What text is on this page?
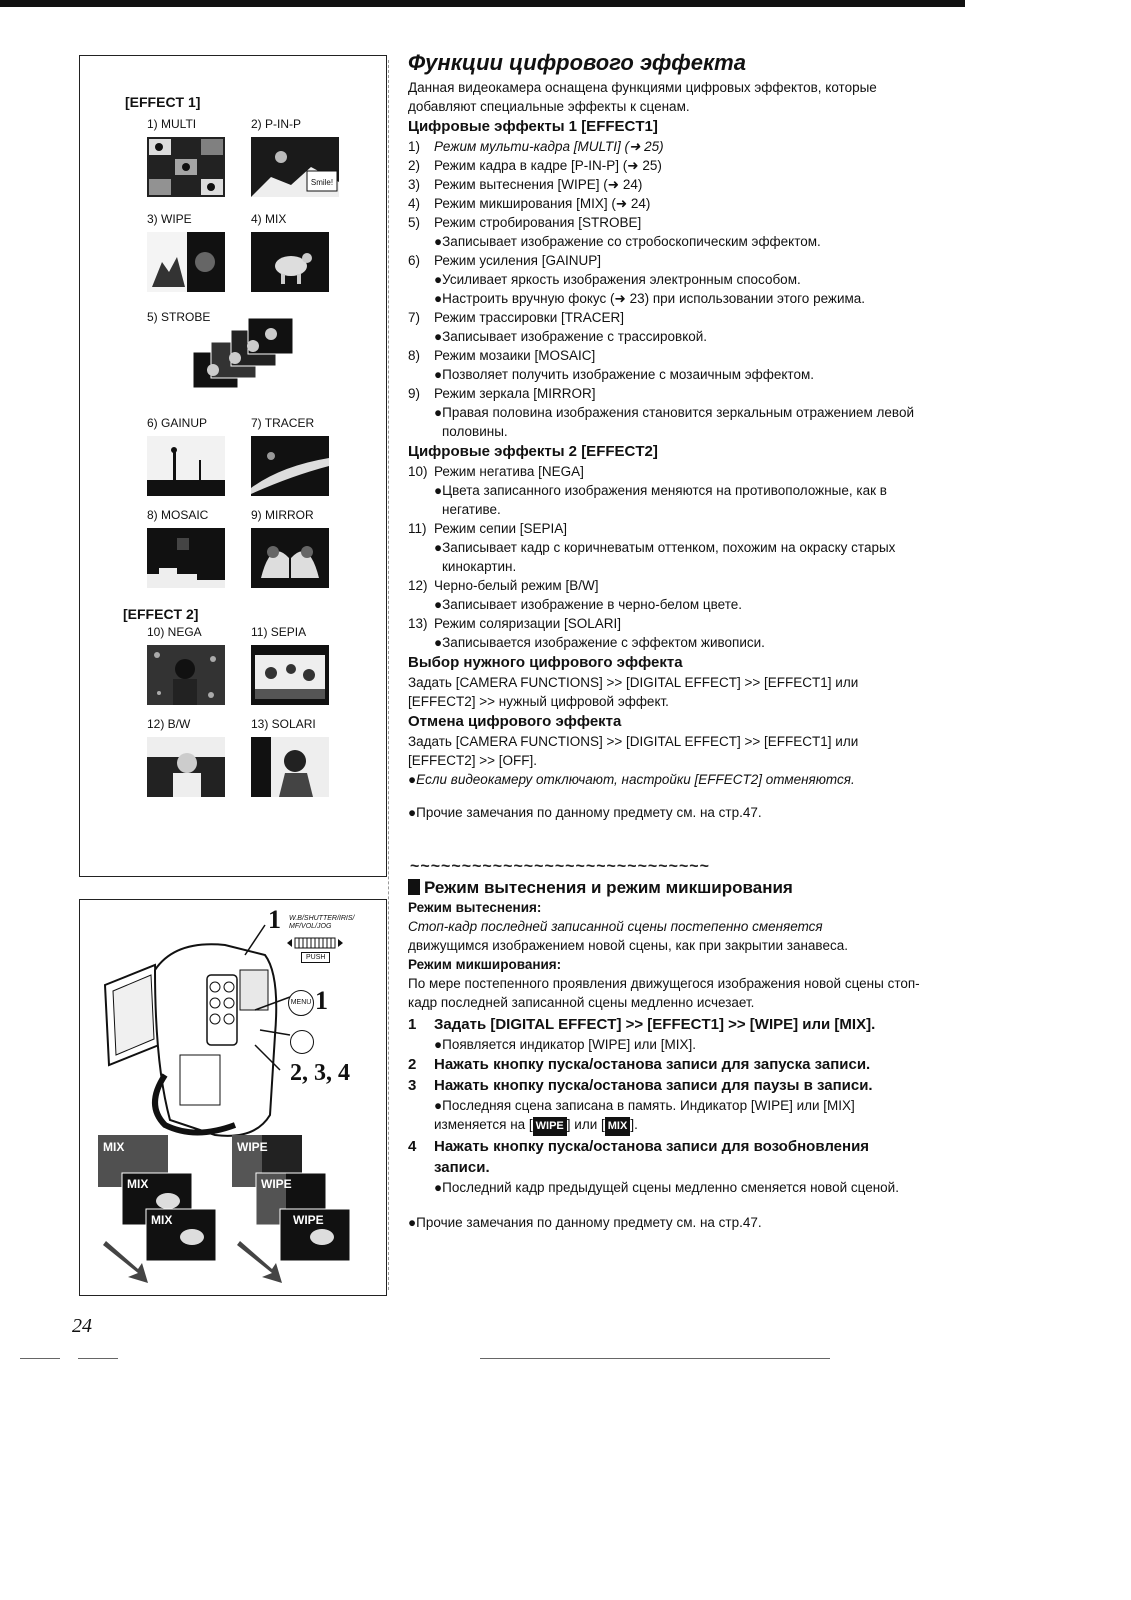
[EFFECT 1]
1) MULTI	2) P-IN-P
Smile!
3) WIPE	4) MIX
5) STROBE
6) GAINUP	7) TRACER
8) MOSAIC	9) MIRROR
[EFFECT 2]
10) NEGA	11) SEPIA
12) B/W	13) SOLARI
1 W.B/SHUTTER/IRIS/ MF/VOL/JOG
PUSH
MENU 1
2, 3, 4
MIX
MIX
MIX
WIPE
WIPE
WIPE
Функции цифрового эффекта

Данная видеокамера оснащена функциями цифровых эффектов, которые добавляют специальные эффекты к сценам.

Цифровые эффекты 1 [EFFECT1]

1)	Режим мульти-кадра [MULTI] (➜ 25)
2)	Режим кадра в кадре [P-IN-P] (➜ 25)
3)	Режим вытеснения [WIPE] (➜ 24)
4)	Режим микширования [MIX] (➜ 24)
5)	Режим стробирования [STROBE]
●Записывает изображение со стробоскопическим эффектом.
6)	Режим усиления [GAINUP]
●Усиливает яркость изображения электронным способом.
●Настроить вручную фокус (➜ 23) при использовании этого режима.
7)	Режим трассировки [TRACER]
●Записывает изображение с трассировкой.
8)	Режим мозаики [MOSAIC]
●Позволяет получить изображение с мозаичным эффектом.
9)	Режим зеркала [MIRROR]
●Правая половина изображения становится зеркальным отражением левой половины.

Цифровые эффекты 2 [EFFECT2]

10) Режим негатива [NEGA]
●Цвета записанного изображения меняются на противоположные, как в негативе.
11) Режим сепии [SEPIA]
●Записывает кадр с коричневатым оттенком, похожим на окраску старых кинокартин.
12) Черно-белый режим [B/W]
●Записывает изображение в черно-белом цвете.
13) Режим соляризации [SOLARI]
●Записывается изображение с эффектом живописи.

Выбор нужного цифрового эффекта

Задать [CAMERA FUNCTIONS] >> [DIGITAL EFFECT] >> [EFFECT1] или [EFFECT2] >> нужный цифровой эффект.

Отмена цифрового эффекта

Задать [CAMERA FUNCTIONS] >> [DIGITAL EFFECT] >> [EFFECT1] или [EFFECT2] >> [OFF].

●Если видеокамеру отключают, настройки [EFFECT2] отменяются.

●Прочие замечания по данному предмету см. на стр.47.

~~~~~~~~~~~~~~~~~~~~~~~~~~~~~

Режим вытеснения и режим микширования

Режим вытеснения:

Стоп-кадр последней записанной сцены постепенно сменяется

движущимся изображением новой сцены, как при закрытии занавеса.

Режим микширования:

По мере постепенного проявления движущегося изображения новой сцены стоп-кадр последней записанной сцены медленно исчезает.

1	Задать [DIGITAL EFFECT] >> [EFFECT1] >> [WIPE] или [MIX].
●Появляется индикатор [WIPE] или [MIX].
2	Нажать кнопку пуска/останова записи для запуска записи.
3	Нажать кнопку пуска/останова записи для паузы в записи.
●Последняя сцена записана в память. Индикатор [WIPE] или [MIX] изменяется на [ WIPE ] или [ MIX ].
4	Нажать кнопку пуска/останова записи для возобновления записи.
●Последний кадр предыдущей сцены медленно сменяется новой сценой.

●Прочие замечания по данному предмету см. на стр.47.

24
